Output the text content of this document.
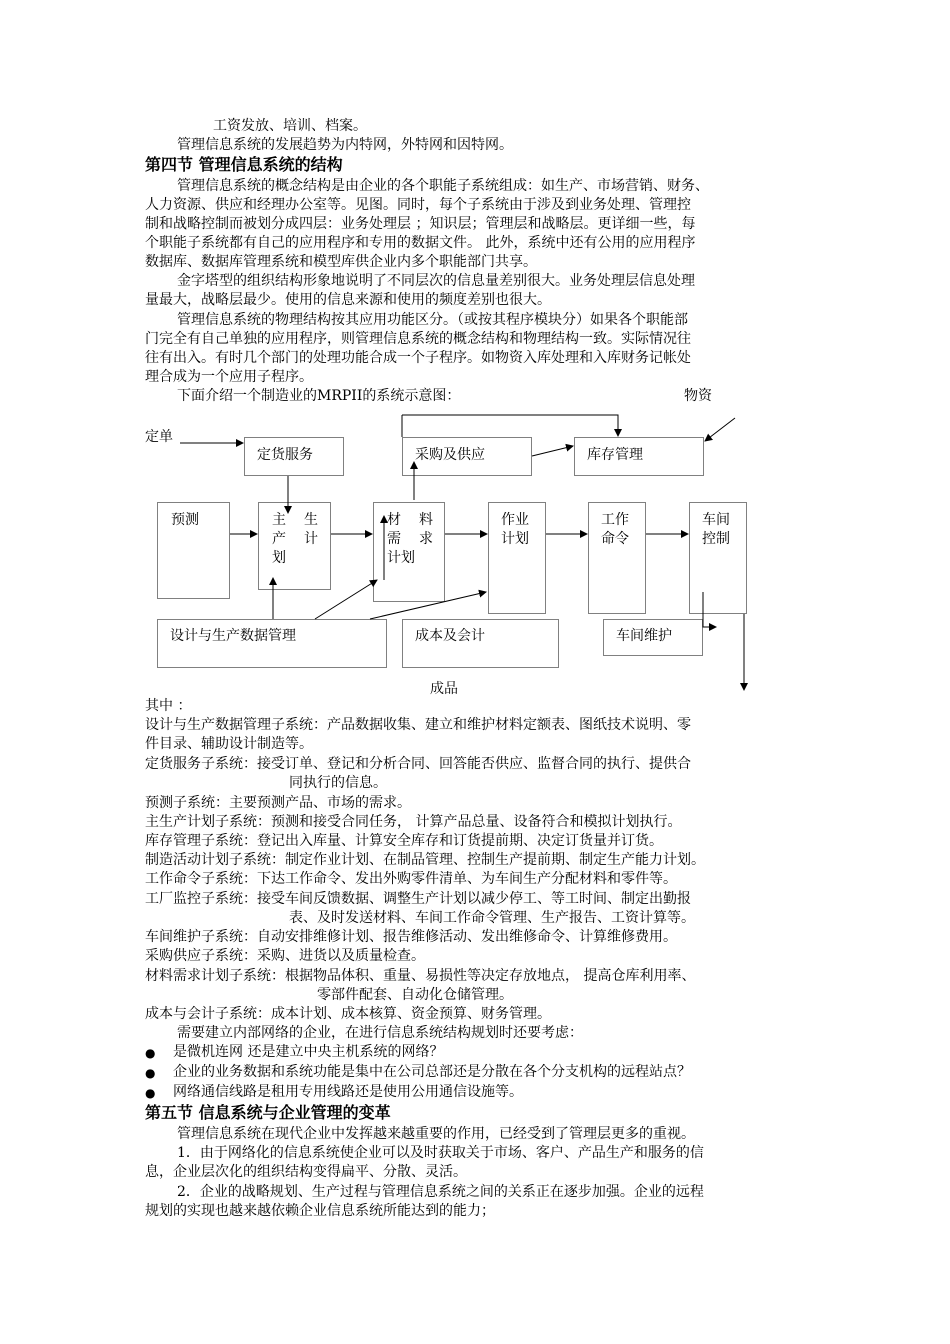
工资发放、培训、档案。
管理信息系统的发展趋势为内特网，外特网和因特网。
第四节 管理信息系统的结构
管理信息系统的概念结构是由企业的各个职能子系统组成：如生产、市场营销、财务、
人力资源、供应和经理办公室等。见图。同时，每个子系统由于涉及到业务处理、管理控
制和战略控制而被划分成四层：业务处理层 ；知识层；管理层和战略层。更详细一些，每
个职能子系统都有自己的应用程序和专用的数据文件。 此外，系统中还有公用的应用程序
数据库、数据库管理系统和模型库供企业内多个职能部门共享。
金字塔型的组织结构形象地说明了不同层次的信息量差别很大。业务处理层信息处理
量最大，战略层最少。使用的信息来源和使用的频度差别也很大。
管理信息系统的物理结构按其应用功能区分。（或按其程序模块分）如果各个职能部
门完全有自己单独的应用程序，则管理信息系统的概念结构和物理结构一致。实际情况往
往有出入。有时几个部门的处理功能合成一个子程序。如物资入库处理和入库财务记帐处
理合成为一个应用子程序。
下面介绍一个制造业的MRPII的系统示意图：	物资
定单
定货服务	采购及供应	库存管理
预测	主 生
产 计
划
材 料
需 求
计划
作业
计划
工作
命令
车间
控制
设计与生产数据管理	成本及会计	车间维护
成品
其中 ：
设计与生产数据管理子系统：产品数据收集、建立和维护材料定额表、图纸技术说明、零
件目录、辅助设计制造等。
定货服务子系统：接受订单、登记和分析合同、回答能否供应、监督合同的执行、提供合
同执行的信息。
预测子系统：主要预测产品、市场的需求。
主生产计划子系统：预测和接受合同任务， 计算产品总量、设备符合和模拟计划执行。
库存管理子系统：登记出入库量、计算安全库存和订货提前期、决定订货量并订货。
制造活动计划子系统：制定作业计划、在制品管理、控制生产提前期、制定生产能力计划。
工作命令子系统：下达工作命令、发出外购零件清单、为车间生产分配材料和零件等。
工厂监控子系统：接受车间反馈数据、调整生产计划以减少停工、等工时间、制定出勤报
表、及时发送材料、车间工作命令管理、生产报告、工资计算等。
车间维护子系统：自动安排维修计划、报告维修活动、发出维修命令、计算维修费用。
采购供应子系统：采购、进货以及质量检查。
材料需求计划子系统：根据物品体积、重量、易损性等决定存放地点， 提高仓库利用率、
零部件配套、自动化仓储管理。
成本与会计子系统：成本计划、成本核算、资金预算、财务管理。
需要建立内部网络的企业，在进行信息系统结构规划时还要考虑：
● 是微机连网 还是建立中央主机系统的网络？
● 企业的业务数据和系统功能是集中在公司总部还是分散在各个分支机构的远程站点？
● 网络通信线路是租用专用线路还是使用公用通信设施等。
第五节 信息系统与企业管理的变革
管理信息系统在现代企业中发挥越来越重要的作用，已经受到了管理层更多的重视。
1．由于网络化的信息系统使企业可以及时获取关于市场、客户、产品生产和服务的信
息，企业层次化的组织结构变得扁平、分散、灵活。
2．企业的战略规划、生产过程与管理信息系统之间的关系正在逐步加强。企业的远程
规划的实现也越来越依赖企业信息系统所能达到的能力；
